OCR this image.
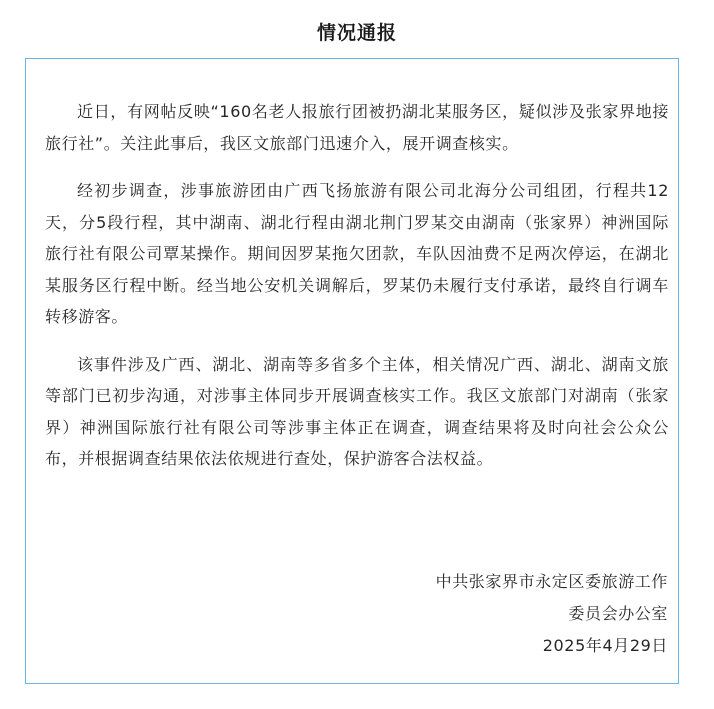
情况通报

近日，有网帖反映“160名老人报旅行团被扔湖北某服务区，疑似涉及张家界地接旅行社”。关注此事后，我区文旅部门迅速介入，展开调查核实。

经初步调查，涉事旅游团由广西飞扬旅游有限公司北海分公司组团，行程共12天，分5段行程，其中湖南、湖北行程由湖北荆门罗某交由湖南（张家界）神洲国际旅行社有限公司覃某操作。期间因罗某拖欠团款，车队因油费不足两次停运，在湖北某服务区行程中断。经当地公安机关调解后，罗某仍未履行支付承诺，最终自行调车转移游客。

该事件涉及广西、湖北、湖南等多省多个主体，相关情况广西、湖北、湖南文旅等部门已初步沟通，对涉事主体同步开展调查核实工作。我区文旅部门对湖南（张家界）神洲国际旅行社有限公司等涉事主体正在调查，调查结果将及时向社会公众公布，并根据调查结果依法依规进行查处，保护游客合法权益。

中共张家界市永定区委旅游工作
委员会办公室
2025年4月29日
